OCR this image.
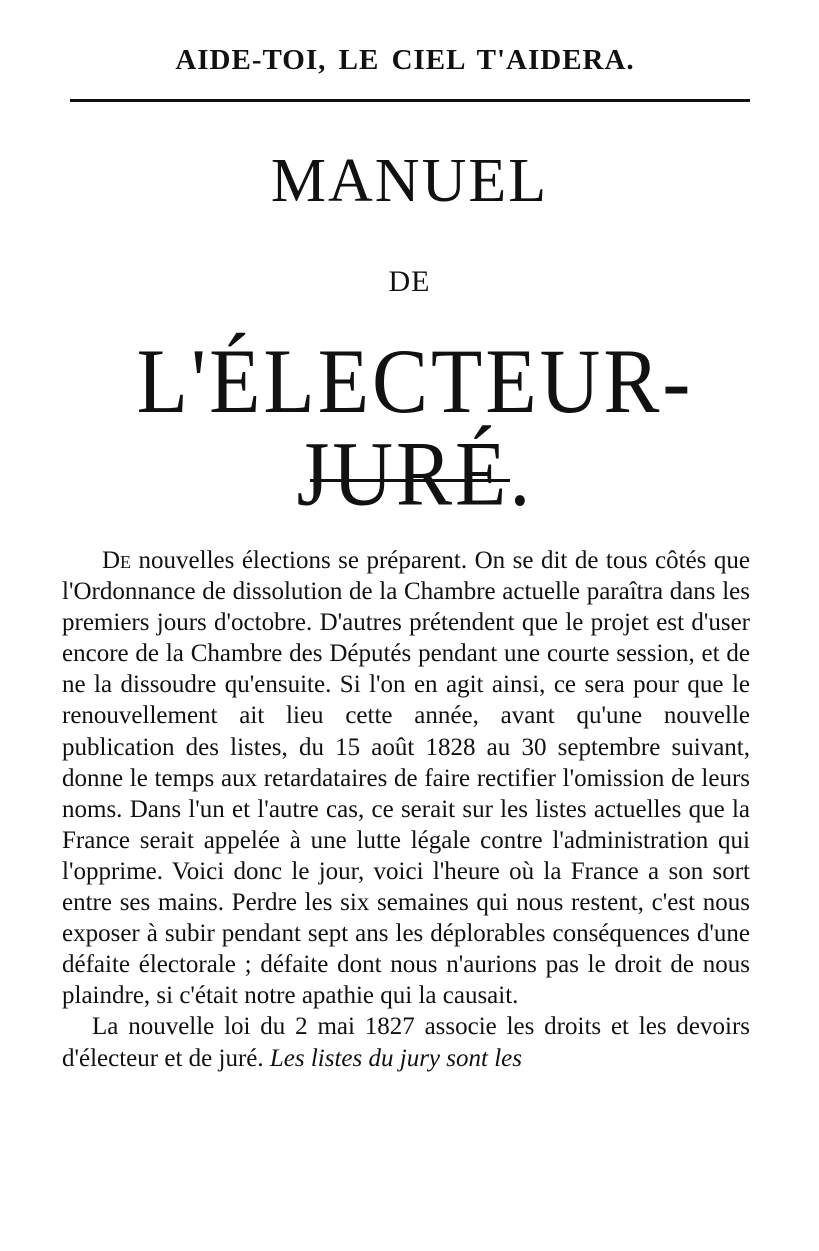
AIDE-TOI, LE CIEL T'AIDERA.
MANUEL
DE
L'ÉLECTEUR-JURÉ.

De nouvelles élections se préparent. On se dit de tous côtés que l'Ordonnance de dissolution de la Chambre actuelle paraîtra dans les premiers jours d'octobre. D'autres prétendent que le projet est d'user encore de la Chambre des Députés pendant une courte session, et de ne la dissoudre qu'ensuite. Si l'on en agit ainsi, ce sera pour que le renouvellement ait lieu cette année, avant qu'une nouvelle publication des listes, du 15 août 1828 au 30 septembre suivant, donne le temps aux retardataires de faire rectifier l'omission de leurs noms. Dans l'un et l'autre cas, ce serait sur les listes actuelles que la France serait appelée à une lutte légale contre l'administration qui l'opprime. Voici donc le jour, voici l'heure où la France a son sort entre ses mains. Perdre les six semaines qui nous restent, c'est nous exposer à subir pendant sept ans les déplorables conséquences d'une défaite électorale ; défaite dont nous n'aurions pas le droit de nous plaindre, si c'était notre apathie qui la causait.

La nouvelle loi du 2 mai 1827 associe les droits et les devoirs d'électeur et de juré. Les listes du jury sont les
